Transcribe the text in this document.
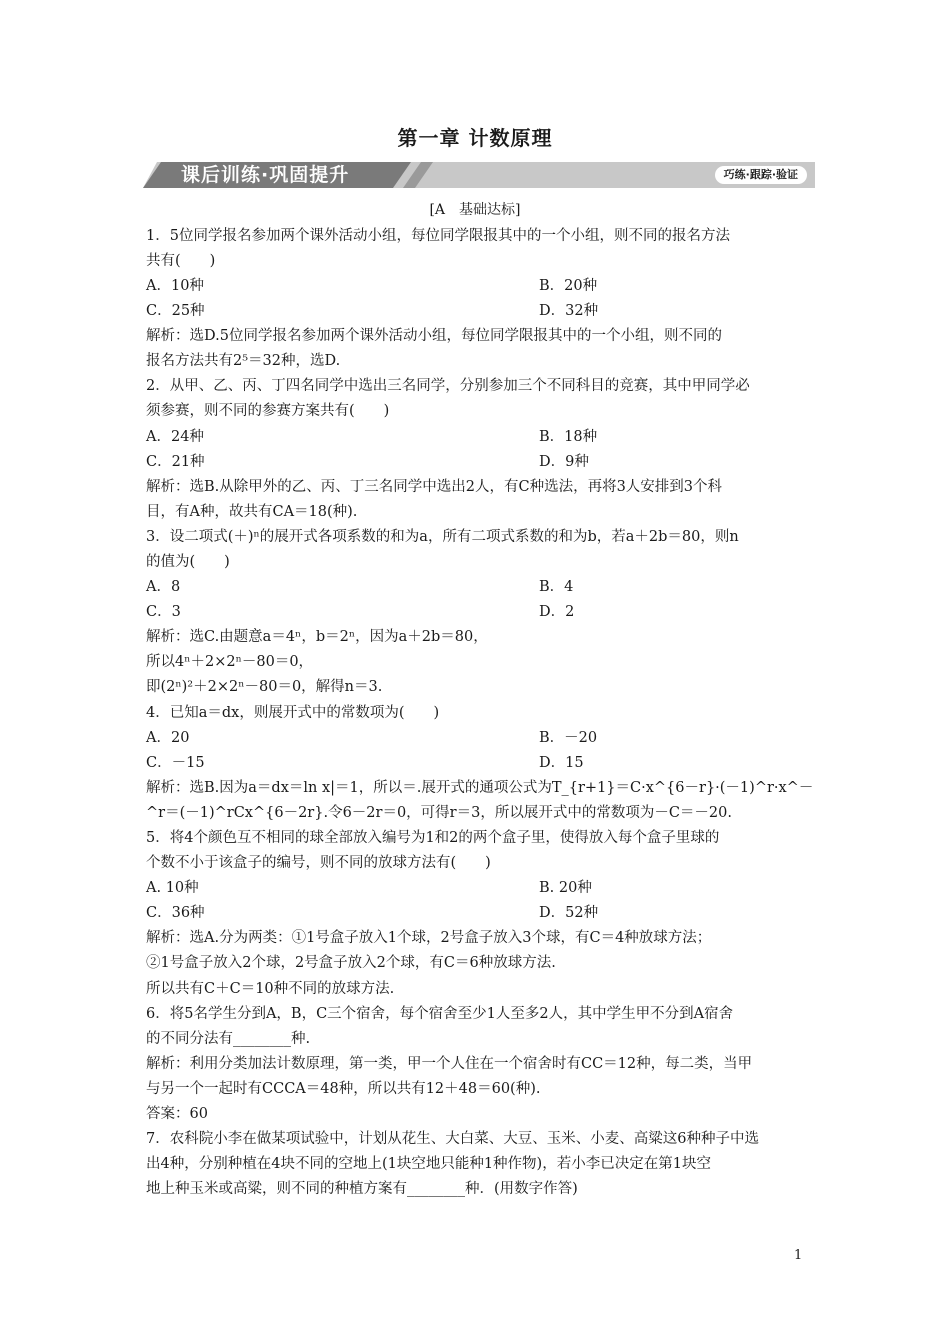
第一章 计数原理
课后训练·巩固提升	巧练·跟踪·验证
[A　基础达标]
1．5位同学报名参加两个课外活动小组，每位同学限报其中的一个小组，则不同的报名方法
共有(　　)
A．10种	B．20种
C．25种	D．32种
解析：选D.5位同学报名参加两个课外活动小组，每位同学限报其中的一个小组，则不同的
报名方法共有2⁵＝32种，选D.
2．从甲、乙、丙、丁四名同学中选出三名同学，分别参加三个不同科目的竞赛，其中甲同学必
须参赛，则不同的参赛方案共有(　　)
A．24种	B．18种
C．21种	D．9种
解析：选B.从除甲外的乙、丙、丁三名同学中选出2人，有C种选法，再将3人安排到3个科
目，有A种，故共有CA＝18(种).
3．设二项式(＋)ⁿ的展开式各项系数的和为a，所有二项式系数的和为b，若a＋2b＝80，则n
的值为(　　)
A．8	B．4
C．3	D．2
解析：选C.由题意a＝4ⁿ，b＝2ⁿ，因为a＋2b＝80，
所以4ⁿ＋2×2ⁿ－80＝0，
即(2ⁿ)²＋2×2ⁿ－80＝0，解得n＝3.
4．已知a＝dx，则展开式中的常数项为(　　)
A．20	B．－20
C．－15	D．15
解析：选B.因为a＝dx＝ln x|＝1，所以＝.展开式的通项公式为T_{r+1}＝C·x^{6－r}·(－1)^r·x^－
^r＝(－1)^rCx^{6－2r}.令6－2r＝0，可得r＝3，所以展开式中的常数项为－C＝－20.
5．将4个颜色互不相同的球全部放入编号为1和2的两个盒子里，使得放入每个盒子里球的
个数不小于该盒子的编号，则不同的放球方法有(　　)
A. 10种	B. 20种
C．36种	D．52种
解析：选A.分为两类：①1号盒子放入1个球，2号盒子放入3个球，有C＝4种放球方法；
②1号盒子放入2个球，2号盒子放入2个球，有C＝6种放球方法.
所以共有C＋C＝10种不同的放球方法.
6．将5名学生分到A，B，C三个宿舍，每个宿舍至少1人至多2人，其中学生甲不分到A宿舍
的不同分法有________种.
解析：利用分类加法计数原理，第一类，甲一个人住在一个宿舍时有CC＝12种，每二类，当甲
与另一个一起时有CCCA＝48种，所以共有12＋48＝60(种).
答案：60
7．农科院小李在做某项试验中，计划从花生、大白菜、大豆、玉米、小麦、高粱这6种种子中选
出4种，分别种植在4块不同的空地上(1块空地只能种1种作物)，若小李已决定在第1块空
地上种玉米或高粱，则不同的种植方案有________种．(用数字作答)
1
